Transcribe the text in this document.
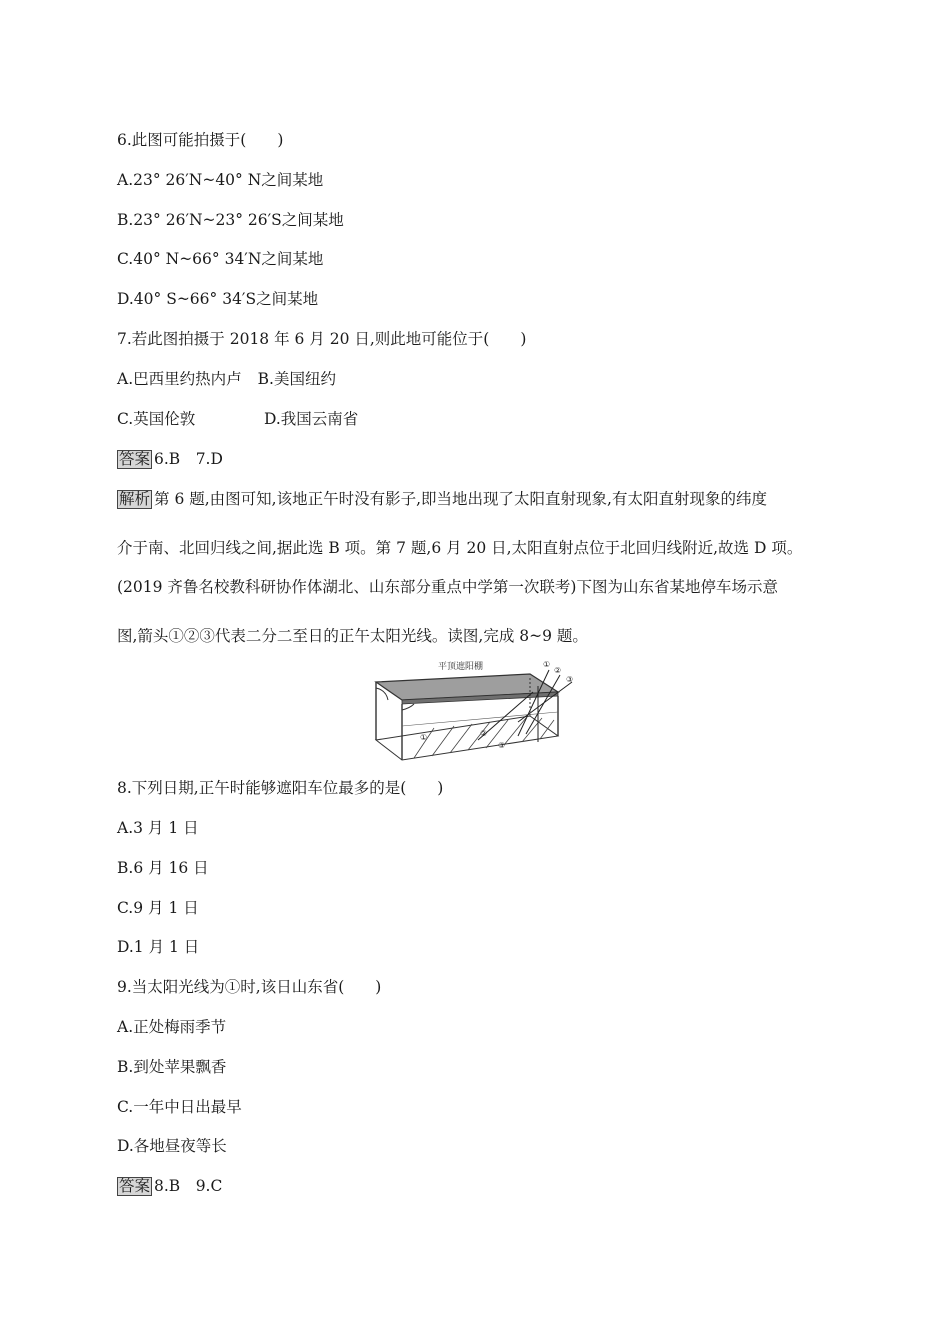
6.此图可能拍摄于(　　)
A.23° 26′N~40° N之间某地
B.23° 26′N~23° 26′S之间某地
C.40° N~66° 34′N之间某地
D.40° S~66° 34′S之间某地
7.若此图拍摄于 2018 年 6 月 20 日,则此地可能位于(　　)
A.巴西里约热内卢 B.美国纽约
C.英国伦敦	D.我国云南省
答案 6.B　7.D
解析 第 6 题,由图可知,该地正午时没有影子,即当地出现了太阳直射现象,有太阳直射现象的纬度
介于南、北回归线之间,据此选 B 项。第 7 题,6 月 20 日,太阳直射点位于北回归线附近,故选 D 项。
(2019 齐鲁名校教科研协作体湖北、山东部分重点中学第一次联考)下图为山东省某地停车场示意
图,箭头①②③代表二分二至日的正午太阳光线。读图,完成 8~9 题。
平顶遮阳棚	①
②
③
①	②
③
8.下列日期,正午时能够遮阳车位最多的是(　　)
A.3 月 1 日
B.6 月 16 日
C.9 月 1 日
D.1 月 1 日
9.当太阳光线为①时,该日山东省(　　)
A.正处梅雨季节
B.到处苹果飘香
C.一年中日出最早
D.各地昼夜等长
答案 8.B　9.C
